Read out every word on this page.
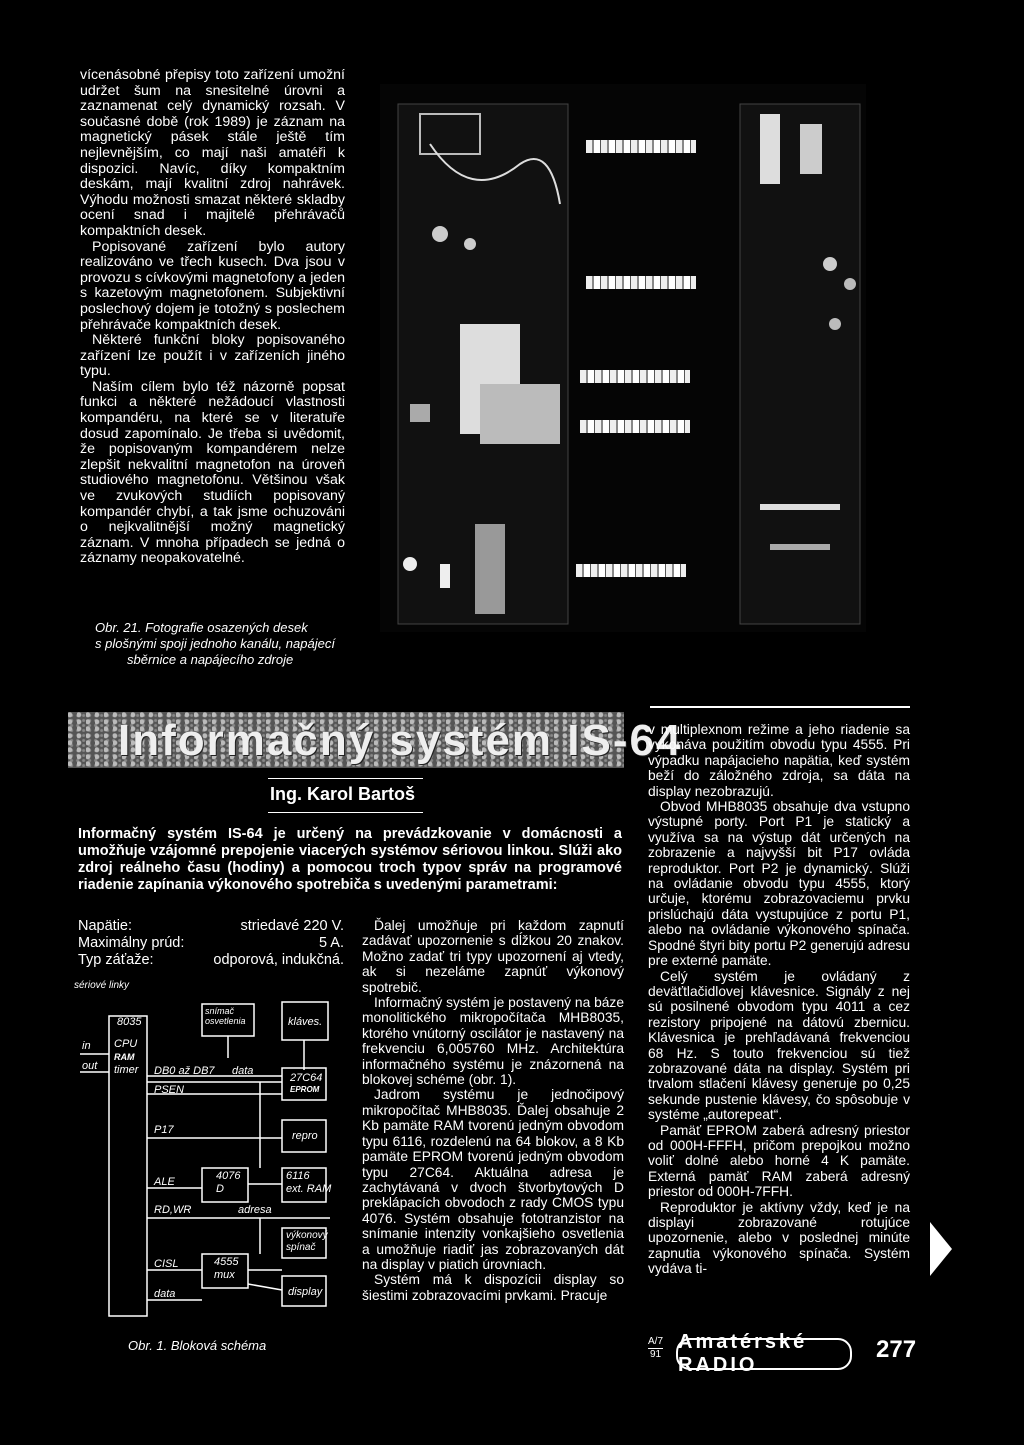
vícenásobné přepisy toto zařízení umožní udržet šum na snesitelné úrovni a zaznamenat celý dynamický rozsah. V současné době (rok 1989) je záznam na magnetický pásek stále ještě tím nejlevnějším, co mají naši amatéři k dispozici. Navíc, díky kompaktním deskám, mají kvalitní zdroj nahrávek. Výhodu možnosti smazat některé skladby ocení snad i majitelé přehrávačů kompaktních desek.

Popisované zařízení bylo autory realizováno ve třech kusech. Dva jsou v provozu s cívkovými magnetofony a jeden s kazetovým magnetofonem. Subjektivní poslechový dojem je totožný s poslechem přehrávače kompaktních desek.

Některé funkční bloky popisovaného zařízení lze použít i v zařízeních jiného typu.

Naším cílem bylo též názorně popsat funkci a některé nežádoucí vlastnosti kompandéru, na které se v literatuře dosud zapomínalo. Je třeba si uvědomit, že popisovaným kompandérem nelze zlepšit nekvalitní magnetofon na úroveň studiového magnetofonu. Většinou však ve zvukových studiích popisovaný kompandér chybí, a tak jsme ochuzováni o nejkvalitnější možný magnetický záznam. V mnoha případech se jedná o záznamy neopakovatelné.

Obr. 21. Fotografie osazených desek
s plošnými spoji jednoho kanálu, napájecí
sběrnice a napájecího zdroje
Informačný systém IS-64
Ing. Karol Bartoš
Informačný systém IS-64 je určený na prevádzkovanie v domácnosti a umožňuje vzájomné prepojenie viacerých systémov sériovou linkou. Slúži ako zdroj reálneho času (hodiny) a pomocou troch typov správ na programové riadenie zapínania výkonového spotrebiča s uvedenými parametrami:
Napätie:	striedavé 220 V.
Maximálny prúd:	5 A.
Typ záťaže:	odporová, indukčná.
sériové linky
in
out
8035
CPU
RAM
timer DB0 až DB7 data
PSEN
P17
ALE
RD,WR
CISL
data
adresa
snímač
osvetlenia	kláves.
27C64
EPROM
repro
4076
D
6116
ext. RAM
výkonový
spínač
4555
mux
display
Obr. 1. Bloková schéma

Ďalej umožňuje pri každom zapnutí zadávať upozornenie s dĺžkou 20 znakov. Možno zadať tri typy upozornení aj vtedy, ak si nezeláme zapnúť výkonový spotrebič.

Informačný systém je postavený na báze monolitického mikropočítača MHB8035, ktorého vnútorný oscilátor je nastavený na frekvenciu 6,005760 MHz. Architektúra informačného systému je znázornená na blokovej schéme (obr. 1).

Jadrom systému je jednočipový mikropočítač MHB8035. Ďalej obsahuje 2 Kb pamäte RAM tvorenú jedným obvodom typu 6116, rozdelenú na 64 blokov, a 8 Kb pamäte EPROM tvorenú jedným obvodom typu 27C64. Aktuálna adresa je zachytávaná v dvoch štvorbytových D preklápacích obvodoch z rady CMOS typu 4076. Systém obsahuje fototranzistor na snímanie intenzity vonkajšieho osvetlenia a umožňuje riadiť jas zobrazovaných dát na display v piatich úrovniach.

Systém má k dispozícii display so šiestimi zobrazovacími prvkami. Pracuje

v multiplexnom režime a jeho riadenie sa vykonáva použitím obvodu typu 4555. Pri výpadku napájacieho napätia, keď systém beží do záložného zdroja, sa dáta na display nezobrazujú.

Obvod MHB8035 obsahuje dva vstupno výstupné porty. Port P1 je statický a využíva sa na výstup dát určených na zobrazenie a najvyšší bit P17 ovláda reproduktor. Port P2 je dynamický. Slúži na ovládanie obvodu typu 4555, ktorý určuje, ktorému zobrazovaciemu prvku prislúchajú dáta vystupujúce z portu P1, alebo na ovládanie výkonového spínača. Spodné štyri bity portu P2 generujú adresu pre externé pamäte.

Celý systém je ovládaný z deväťtlačidlovej klávesnice. Signály z nej sú posilnené obvodom typu 4011 a cez rezistory pripojené na dátovú zbernicu. Klávesnica je prehľadávaná frekvenciou 68 Hz. S touto frekvenciou sú tiež zobrazované dáta na display. Systém pri trvalom stlačení klávesy generuje po 0,25 sekunde pustenie klávesy, čo spôsobuje v systéme „autorepeat“.

Pamäť EPROM zaberá adresný priestor od 000H-FFFH, pričom prepojkou možno voliť dolné alebo horné 4 K pamäte. Externá pamäť RAM zaberá adresný priestor od 000H-7FFH.

Reproduktor je aktívny vždy, keď je na displayi zobrazované rotujúce upozornenie, alebo v poslednej minúte zapnutia výkonového spínača. Systém vydáva ti-

A/7
91
Amatérské RADIO
277
